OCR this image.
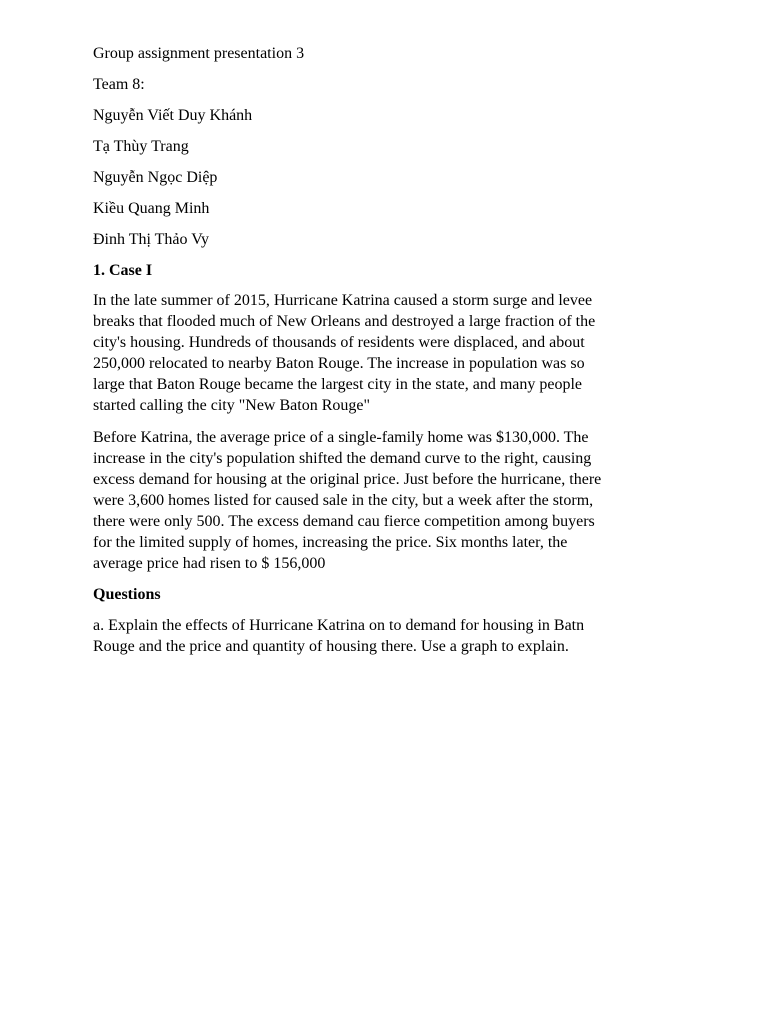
Group assignment presentation 3
Team 8:
Nguyễn Viết Duy Khánh
Tạ Thùy Trang
Nguyễn Ngọc Diệp
Kiều Quang Minh
Đinh Thị Thảo Vy
1. Case I
In the late summer of 2015, Hurricane Katrina caused a storm surge and levee
breaks that flooded much of New Orleans and destroyed a large fraction of the
city's housing. Hundreds of thousands of residents were displaced, and about
250,000 relocated to nearby Baton Rouge. The increase in population was so
large that Baton Rouge became the largest city in the state, and many people
started calling the city "New Baton Rouge"
Before Katrina, the average price of a single-family home was $130,000. The
increase in the city's population shifted the demand curve to the right, causing
excess demand for housing at the original price. Just before the hurricane, there
were 3,600 homes listed for caused sale in the city, but a week after the storm,
there were only 500. The excess demand cau fierce competition among buyers
for the limited supply of homes, increasing the price. Six months later, the
average price had risen to $ 156,000
Questions
a. Explain the effects of Hurricane Katrina on to demand for housing in Batn
Rouge and the price and quantity of housing there. Use a graph to explain.
